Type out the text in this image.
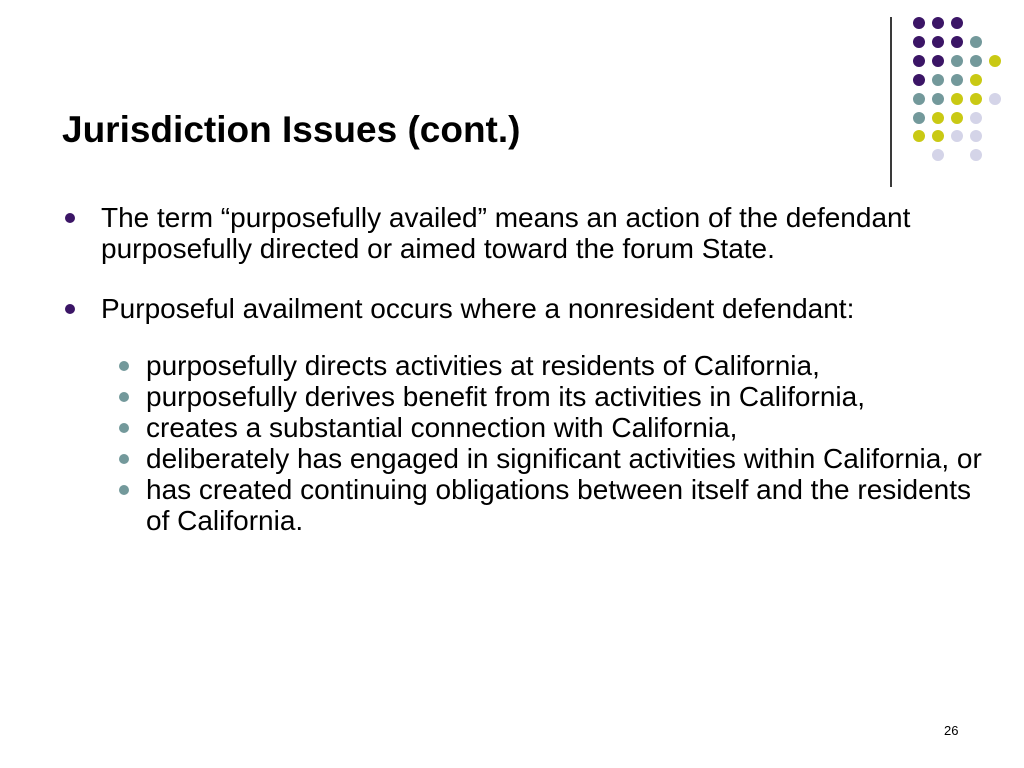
Jurisdiction Issues (cont.)
The term “purposefully availed” means an action of the defendant purposefully directed or aimed toward the forum State.
Purposeful availment occurs where a nonresident defendant:
purposefully directs activities at residents of California,
purposefully derives benefit from its activities in California,
creates a substantial connection with California,
deliberately has engaged in significant activities within California, or
has created continuing obligations between itself and the residents of California.
26
